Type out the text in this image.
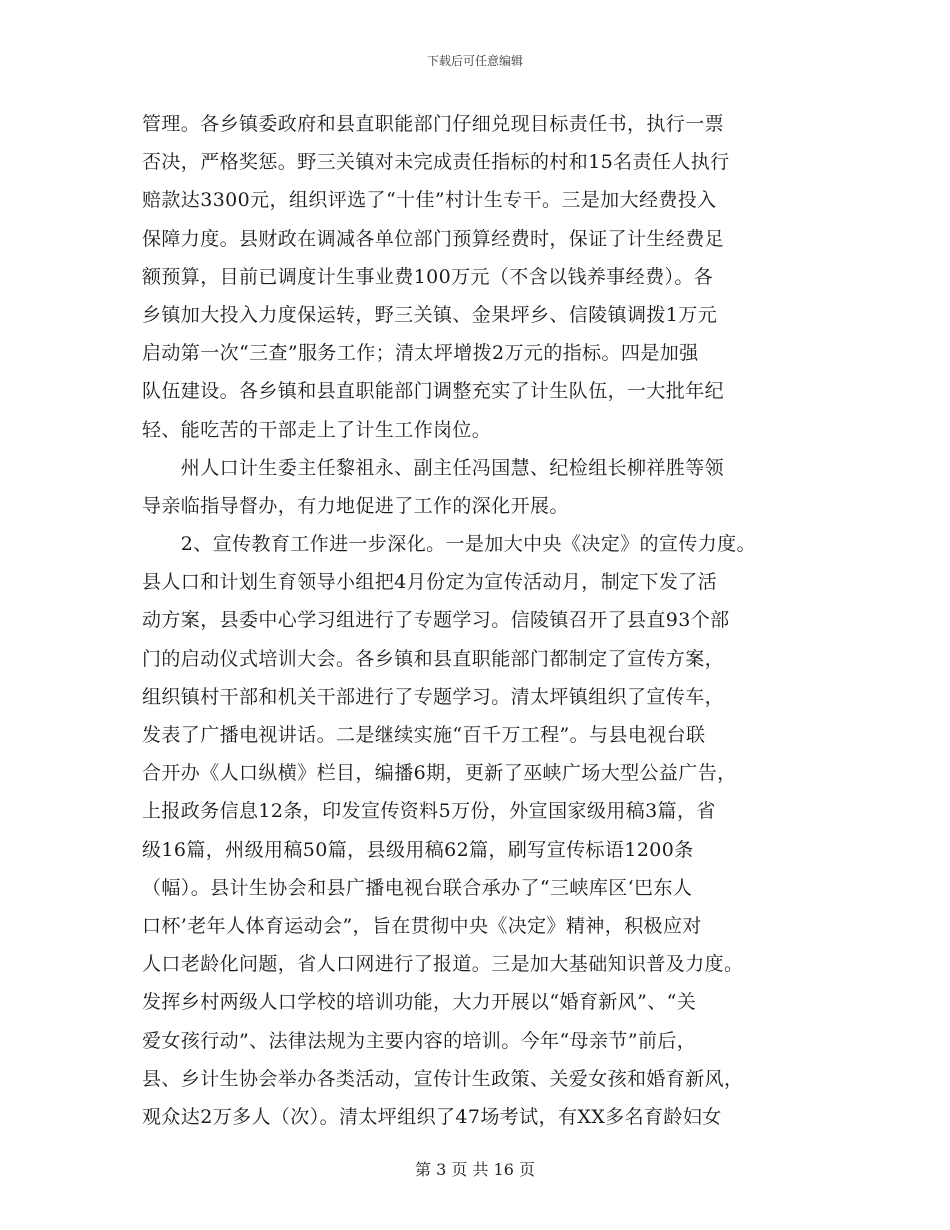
下载后可任意编辑
管理。各乡镇委政府和县直职能部门仔细兑现目标责任书，执行一票
否决，严格奖惩。野三关镇对未完成责任指标的村和15名责任人执行
赔款达3300元，组织评选了“十佳”村计生专干。三是加大经费投入
保障力度。县财政在调减各单位部门预算经费时，保证了计生经费足
额预算，目前已调度计生事业费100万元（不含以钱养事经费）。各
乡镇加大投入力度保运转，野三关镇、金果坪乡、信陵镇调拨1万元
启动第一次“三查”服务工作；清太坪增拨2万元的指标。四是加强
队伍建设。各乡镇和县直职能部门调整充实了计生队伍，一大批年纪
轻、能吃苦的干部走上了计生工作岗位。
　　州人口计生委主任黎祖永、副主任冯国慧、纪检组长柳祥胜等领
导亲临指导督办，有力地促进了工作的深化开展。
　　2、宣传教育工作进一步深化。一是加大中央《决定》的宣传力度。
县人口和计划生育领导小组把4月份定为宣传活动月，制定下发了活
动方案，县委中心学习组进行了专题学习。信陵镇召开了县直93个部
门的启动仪式培训大会。各乡镇和县直职能部门都制定了宣传方案，
组织镇村干部和机关干部进行了专题学习。清太坪镇组织了宣传车，
发表了广播电视讲话。二是继续实施“百千万工程”。与县电视台联
合开办《人口纵横》栏目，编播6期，更新了巫峡广场大型公益广告，
上报政务信息12条，印发宣传资料5万份，外宣国家级用稿3篇，省
级16篇，州级用稿50篇，县级用稿62篇，刷写宣传标语1200条
（幅）。县计生协会和县广播电视台联合承办了“三峡库区‘巴东人
口杯’老年人体育运动会”，旨在贯彻中央《决定》精神，积极应对
人口老龄化问题，省人口网进行了报道。三是加大基础知识普及力度。
发挥乡村两级人口学校的培训功能，大力开展以“婚育新风”、“关
爱女孩行动”、法律法规为主要内容的培训。今年“母亲节”前后，
县、乡计生协会举办各类活动，宣传计生政策、关爱女孩和婚育新风，
观众达2万多人（次）。清太坪组织了47场考试，有XX多名育龄妇女
第 3 页 共 16 页
